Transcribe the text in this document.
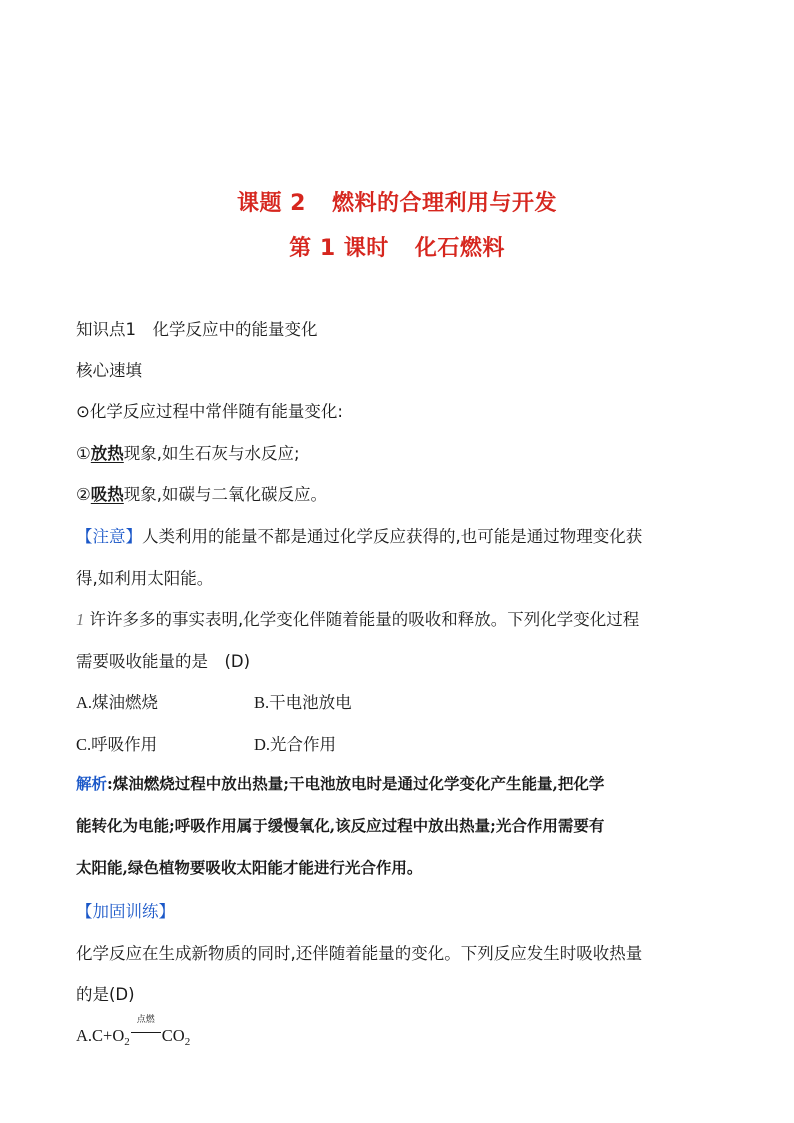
课题 2 燃料的合理利用与开发
第 1 课时 化石燃料
知识点1　化学反应中的能量变化
核心速填
⊙化学反应过程中常伴随有能量变化:
①放热现象,如生石灰与水反应;
②吸热现象,如碳与二氧化碳反应。
【注意】人类利用的能量不都是通过化学反应获得的,也可能是通过物理变化获
得,如利用太阳能。
1 许许多多的事实表明,化学变化伴随着能量的吸收和释放。下列化学变化过程
需要吸收能量的是　(D)
A.煤油燃烧	B.干电池放电
C.呼吸作用	D.光合作用
解析:煤油燃烧过程中放出热量;干电池放电时是通过化学变化产生能量,把化学
能转化为电能;呼吸作用属于缓慢氧化,该反应过程中放出热量;光合作用需要有
太阳能,绿色植物要吸收太阳能才能进行光合作用。
【加固训练】
化学反应在生成新物质的同时,还伴随着能量的变化。下列反应发生时吸收热量
的是(D)
$A.C+O_2$
点燃
$CO_2$
